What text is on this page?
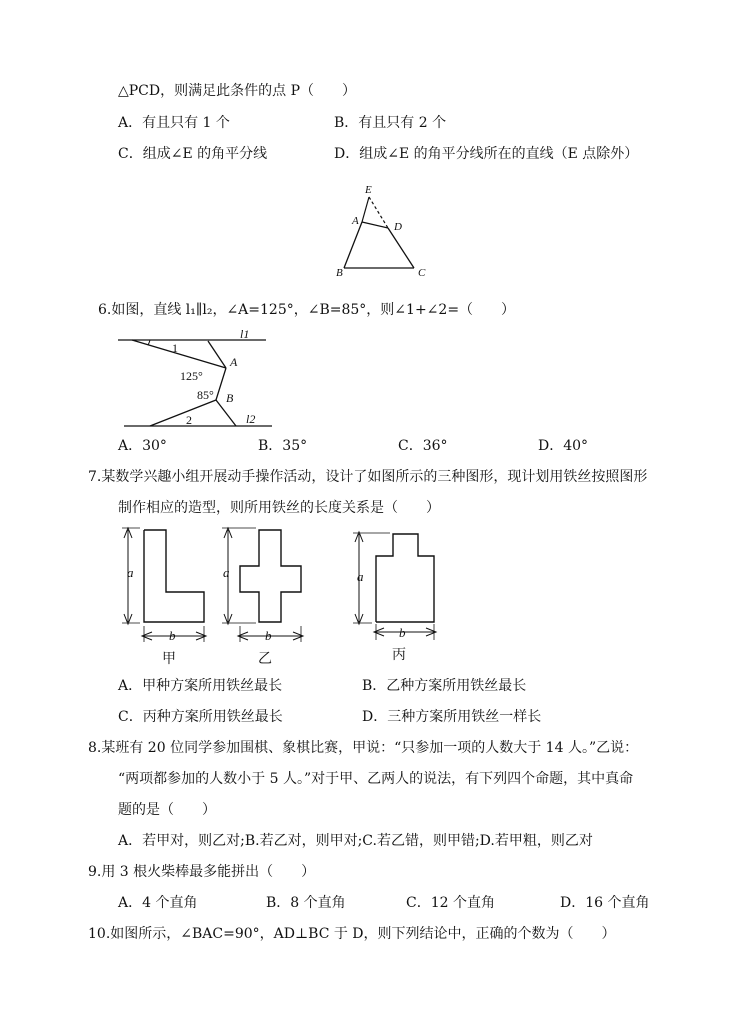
△PCD，则满足此条件的点 P（　　）
A．有且只有 1 个	B．有且只有 2 个
C．组成∠E 的角平分线	D．组成∠E 的角平分线所在的直线（E 点除外）
E
A	D
B	C
6.如图，直线 l₁∥l₂，∠A=125°，∠B=85°，则∠1+∠2=（　　）
l1
l2
1
2
A
B
125°
85°
A．30°	B．35°	C．36°	D．40°
7.某数学兴趣小组开展动手操作活动，设计了如图所示的三种图形，现计划用铁丝按照图形
制作相应的造型，则所用铁丝的长度关系是（　　）
a
b
甲
a
b
乙
a
b
丙
A．甲种方案所用铁丝最长	B．乙种方案所用铁丝最长
C．丙种方案所用铁丝最长	D．三种方案所用铁丝一样长
8.某班有 20 位同学参加围棋、象棋比赛，甲说：“只参加一项的人数大于 14 人。”乙说：
“两项都参加的人数小于 5 人。”对于甲、乙两人的说法，有下列四个命题，其中真命
题的是（　　）
A．若甲对，则乙对;B.若乙对，则甲对;C.若乙错，则甲错;D.若甲粗，则乙对
9.用 3 根火柴棒最多能拼出（　　）
A．4 个直角	B．8 个直角	C．12 个直角	D．16 个直角
10.如图所示，∠BAC=90°，AD⊥BC 于 D，则下列结论中，正确的个数为（　　）
